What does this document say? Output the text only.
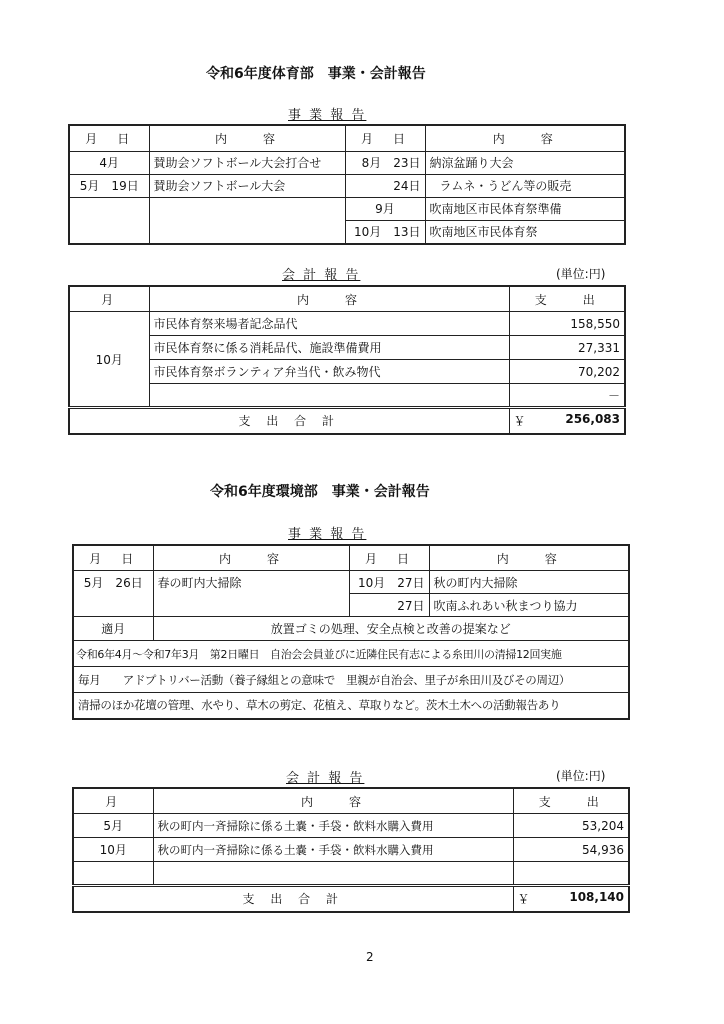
令和6年度体育部　事業・会計報告
事 業 報 告
月　日	内　　容	月　日	内　　容
4月	賛助会ソフトボール大会打合せ	8月　23日	納涼盆踊り大会
5月　19日	賛助会ソフトボール大会	24日	ラムネ・うどん等の販売
		9月	吹南地区市民体育祭準備
		10月　13日	吹南地区市民体育祭
会 計 報 告	(単位:円)
月	内　　容	支　　出
10月	市民体育祭来場者記念品代	158,550
	市民体育祭に係る消耗品代、施設準備費用	27,331
	市民体育祭ボランティア弁当代・飲み物代	70,202
		－
支 出 合 計		￥ 256,083
令和6年度環境部　事業・会計報告
事 業 報 告
月　日	内　　容	月　日	内　　容
5月　26日	春の町内大掃除	10月　27日	秋の町内大掃除
		27日	吹南ふれあい秋まつり協力
適月	放置ゴミの処理、安全点検と改善の提案など		
令和6年4月～令和7年3月　第2日曜日　自治会会員並びに近隣住民有志による糸田川の清掃12回実施			
毎月　　アドプトリバー活動（養子縁組との意味で　里親が自治会、里子が糸田川及びその周辺）			
清掃のほか花壇の管理、水やり、草木の剪定、花植え、草取りなど。茨木土木への活動報告あり			
会 計 報 告	(単位:円)
月	内　　容	支　　出
5月	秋の町内一斉掃除に係る土嚢・手袋・飲料水購入費用	53,204
10月	秋の町内一斉掃除に係る土嚢・手袋・飲料水購入費用	54,936

支 出 合 計		￥ 108,140
2
